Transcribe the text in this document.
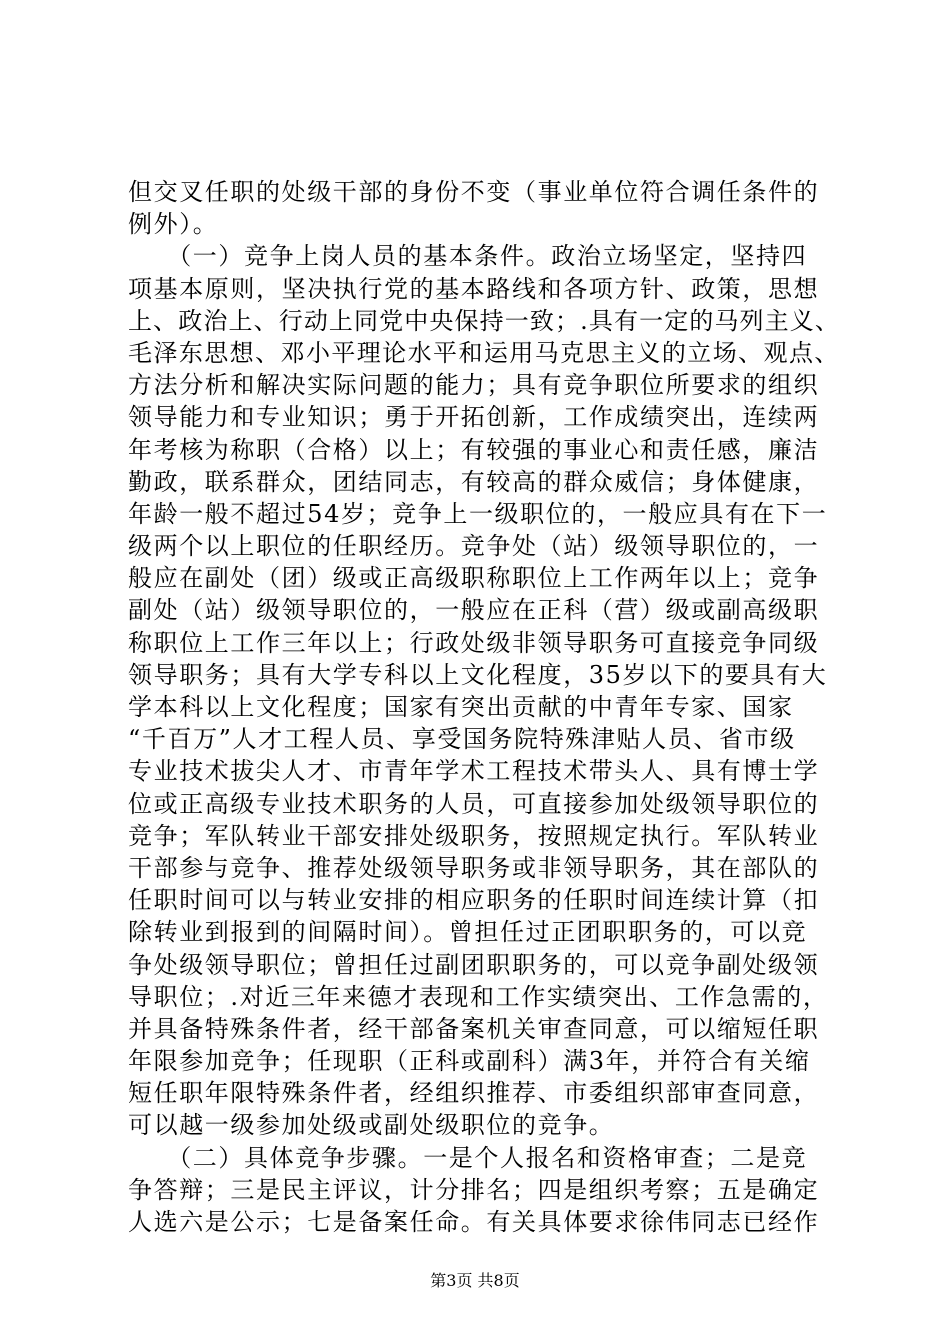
但交叉任职的处级干部的身份不变（事业单位符合调任条件的
例外）。
　　（一）竞争上岗人员的基本条件。政治立场坚定，坚持四
项基本原则，坚决执行党的基本路线和各项方针、政策，思想
上、政治上、行动上同党中央保持一致；.具有一定的马列主义、
毛泽东思想、邓小平理论水平和运用马克思主义的立场、观点、
方法分析和解决实际问题的能力；具有竞争职位所要求的组织
领导能力和专业知识；勇于开拓创新，工作成绩突出，连续两
年考核为称职（合格）以上；有较强的事业心和责任感，廉洁
勤政，联系群众，团结同志，有较高的群众威信；身体健康，
年龄一般不超过54岁；竞争上一级职位的，一般应具有在下一
级两个以上职位的任职经历。竞争处（站）级领导职位的，一
般应在副处（团）级或正高级职称职位上工作两年以上；竞争
副处（站）级领导职位的，一般应在正科（营）级或副高级职
称职位上工作三年以上；行政处级非领导职务可直接竞争同级
领导职务；具有大学专科以上文化程度，35岁以下的要具有大
学本科以上文化程度；国家有突出贡献的中青年专家、国家
“千百万”人才工程人员、享受国务院特殊津贴人员、省市级
专业技术拔尖人才、市青年学术工程技术带头人、具有博士学
位或正高级专业技术职务的人员，可直接参加处级领导职位的
竞争；军队转业干部安排处级职务，按照规定执行。军队转业
干部参与竞争、推荐处级领导职务或非领导职务，其在部队的
任职时间可以与转业安排的相应职务的任职时间连续计算（扣
除转业到报到的间隔时间）。曾担任过正团职职务的，可以竞
争处级领导职位；曾担任过副团职职务的，可以竞争副处级领
导职位；.对近三年来德才表现和工作实绩突出、工作急需的，
并具备特殊条件者，经干部备案机关审查同意，可以缩短任职
年限参加竞争；任现职（正科或副科）满3年，并符合有关缩
短任职年限特殊条件者，经组织推荐、市委组织部审查同意，
可以越一级参加处级或副处级职位的竞争。
　　（二）具体竞争步骤。一是个人报名和资格审查；二是竞
争答辩；三是民主评议，计分排名；四是组织考察；五是确定
人选六是公示；七是备案任命。有关具体要求徐伟同志已经作
第3页 共8页
